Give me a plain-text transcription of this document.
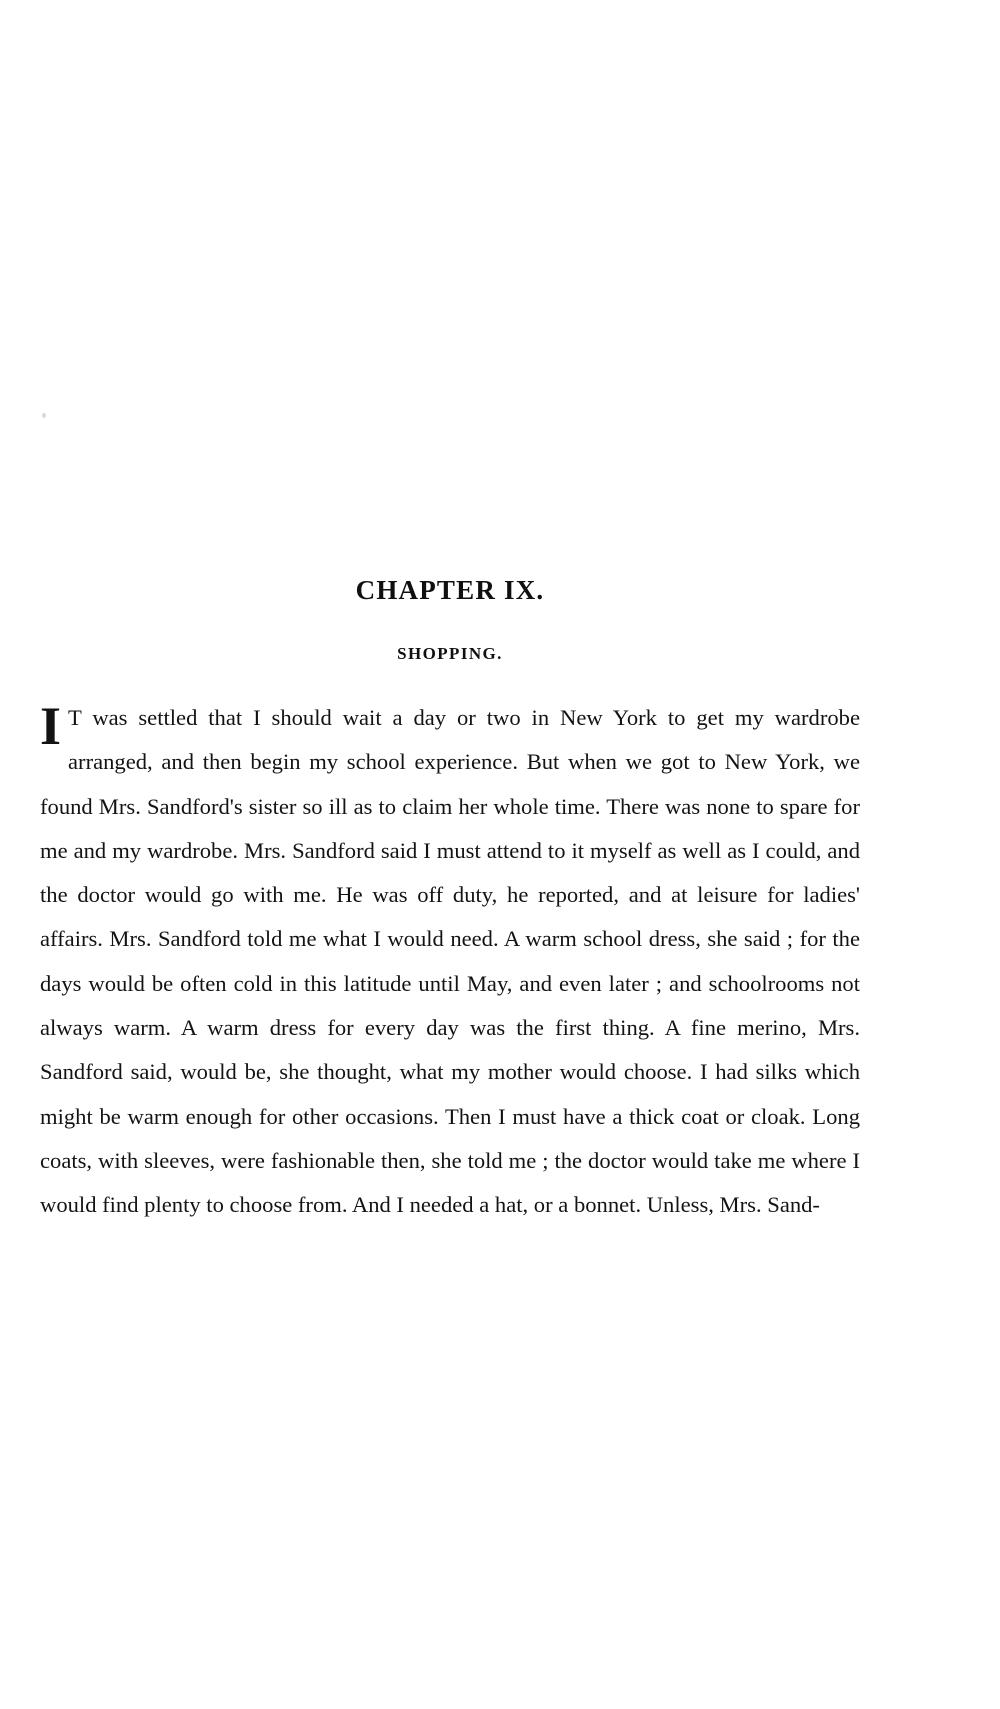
CHAPTER IX.
SHOPPING.
I T was settled that I should wait a day or two in New York to get my wardrobe arranged, and then begin my school experience. But when we got to New York, we found Mrs. Sandford's sister so ill as to claim her whole time. There was none to spare for me and my wardrobe. Mrs. Sandford said I must attend to it myself as well as I could, and the doctor would go with me. He was off duty, he reported, and at leisure for ladies' affairs. Mrs. Sandford told me what I would need. A warm school dress, she said ; for the days would be often cold in this latitude until May, and even later ; and schoolrooms not always warm. A warm dress for every day was the first thing. A fine merino, Mrs. Sandford said, would be, she thought, what my mother would choose. I had silks which might be warm enough for other occasions. Then I must have a thick coat or cloak. Long coats, with sleeves, were fashionable then, she told me ; the doctor would take me where I would find plenty to choose from. And I needed a hat, or a bonnet. Unless, Mrs. Sand-
